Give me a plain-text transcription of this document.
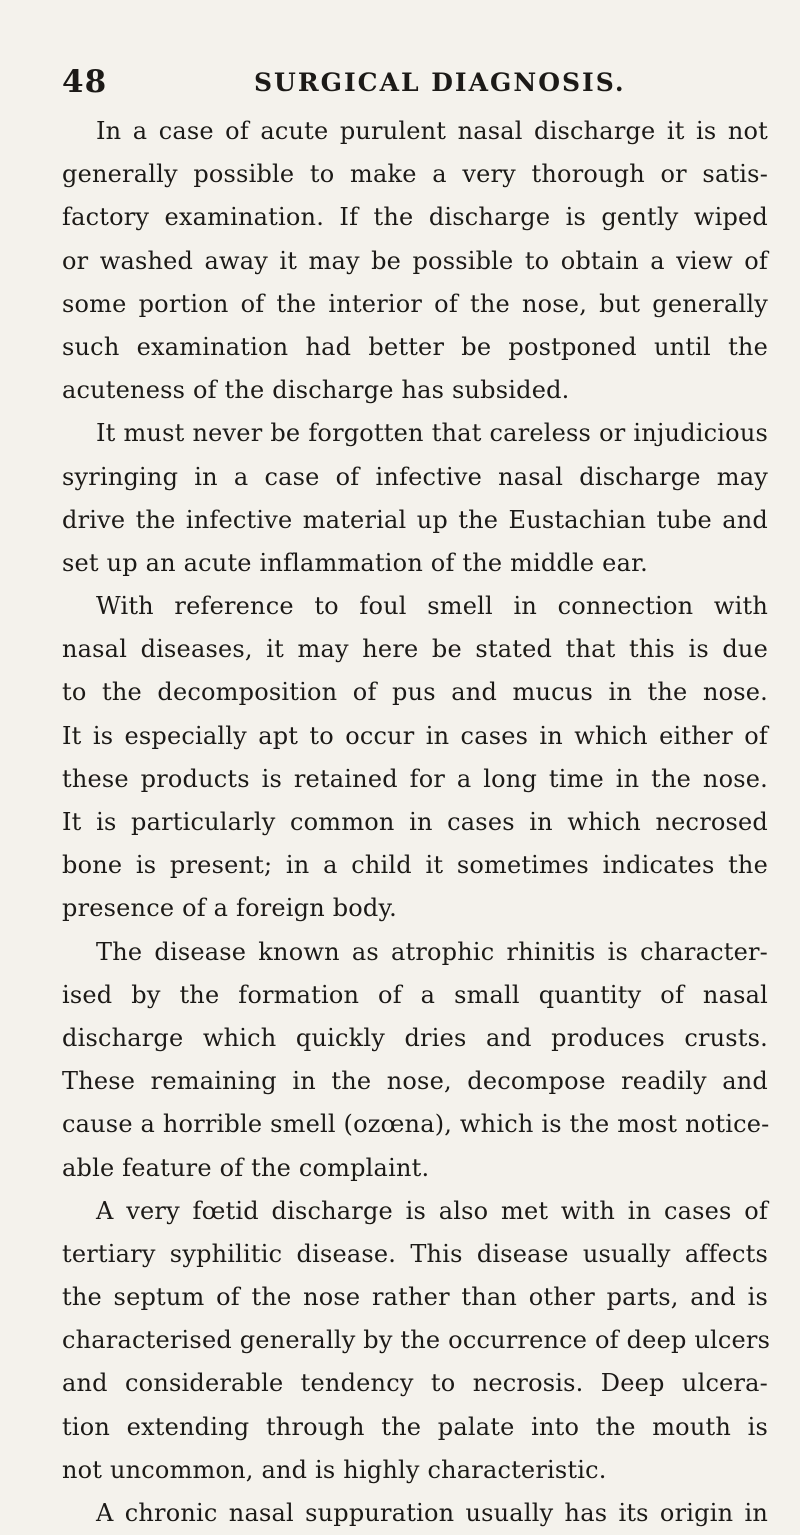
48	SURGICAL DIAGNOSIS.
In a case of acute purulent nasal discharge it is not
generally possible to make a very thorough or satis-
factory examination. If the discharge is gently wiped
or washed away it may be possible to obtain a view of
some portion of the interior of the nose, but generally
such examination had better be postponed until the
acuteness of the discharge has subsided.
It must never be forgotten that careless or injudicious
syringing in a case of infective nasal discharge may
drive the infective material up the Eustachian tube and
set up an acute inflammation of the middle ear.
With reference to foul smell in connection with
nasal diseases, it may here be stated that this is due
to the decomposition of pus and mucus in the nose.
It is especially apt to occur in cases in which either of
these products is retained for a long time in the nose.
It is particularly common in cases in which necrosed
bone is present; in a child it sometimes indicates the
presence of a foreign body.
The disease known as atrophic rhinitis is character-
ised by the formation of a small quantity of nasal
discharge which quickly dries and produces crusts.
These remaining in the nose, decompose readily and
cause a horrible smell (ozœna), which is the most notice-
able feature of the complaint.
A very fœtid discharge is also met with in cases of
tertiary syphilitic disease. This disease usually affects
the septum of the nose rather than other parts, and is
characterised generally by the occurrence of deep ulcers
and considerable tendency to necrosis. Deep ulcera-
tion extending through the palate into the mouth is
not uncommon, and is highly characteristic.
A chronic nasal suppuration usually has its origin in
